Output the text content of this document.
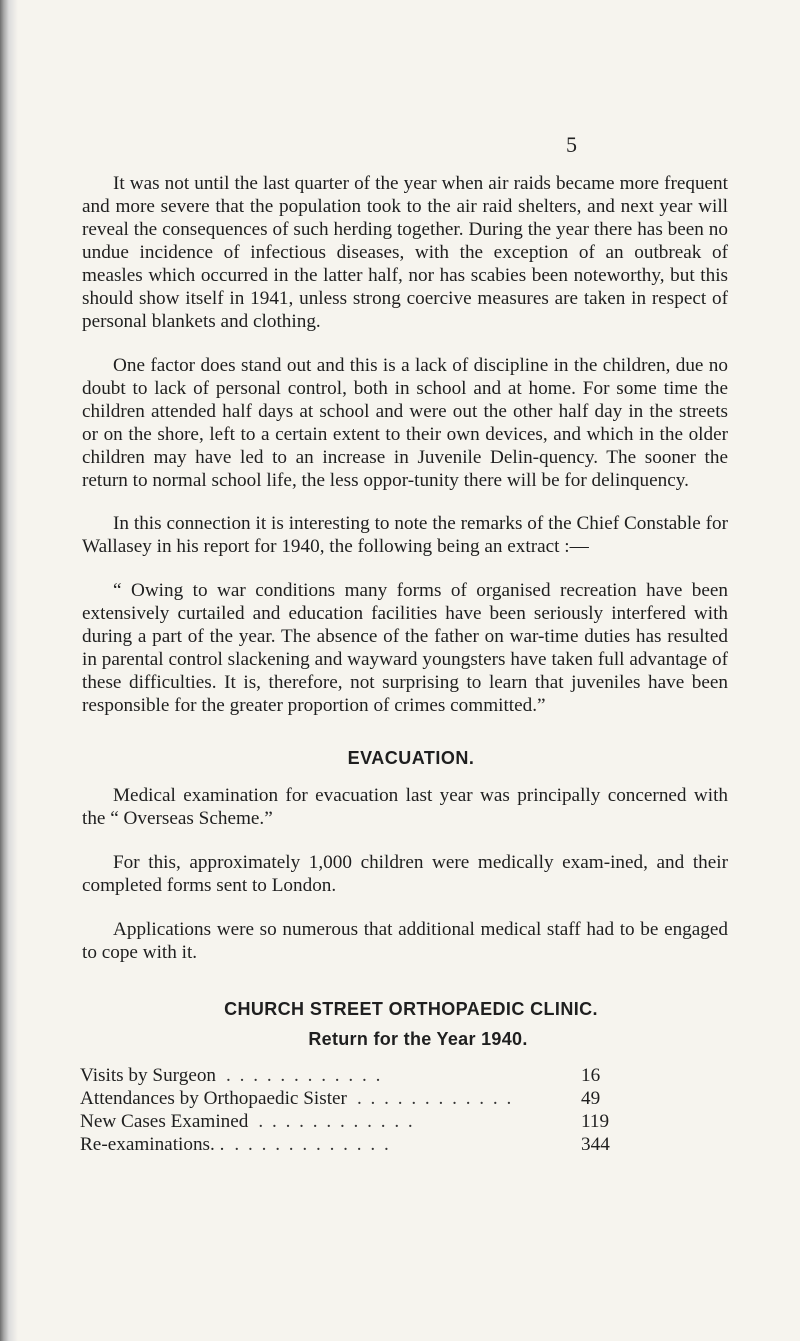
5

It was not until the last quarter of the year when air raids became more frequent and more severe that the population took to the air raid shelters, and next year will reveal the consequences of such herding together. During the year there has been no undue incidence of infectious diseases, with the exception of an outbreak of measles which occurred in the latter half, nor has scabies been noteworthy, but this should show itself in 1941, unless strong coercive measures are taken in respect of personal blankets and clothing.

One factor does stand out and this is a lack of discipline in the children, due no doubt to lack of personal control, both in school and at home. For some time the children attended half days at school and were out the other half day in the streets or on the shore, left to a certain extent to their own devices, and which in the older children may have led to an increase in Juvenile Delin-quency. The sooner the return to normal school life, the less oppor-tunity there will be for delinquency.

In this connection it is interesting to note the remarks of the Chief Constable for Wallasey in his report for 1940, the following being an extract :—

“ Owing to war conditions many forms of organised recreation have been extensively curtailed and education facilities have been seriously interfered with during a part of the year. The absence of the father on war-time duties has resulted in parental control slackening and wayward youngsters have taken full advantage of these difficulties. It is, therefore, not surprising to learn that juveniles have been responsible for the greater proportion of crimes committed.”

EVACUATION.

Medical examination for evacuation last year was principally concerned with the “ Overseas Scheme.”

For this, approximately 1,000 children were medically exam-ined, and their completed forms sent to London.

Applications were so numerous that additional medical staff had to be engaged to cope with it.

CHURCH STREET ORTHOPAEDIC CLINIC.
Return for the Year 1940.
Visits by Surgeon . . . . . . . . . . . .	16
Attendances by Orthopaedic Sister . . . . . . . . . . . .	49
New Cases Examined . . . . . . . . . . . .	119
Re-examinations. . . . . . . . . . . . . .	344
